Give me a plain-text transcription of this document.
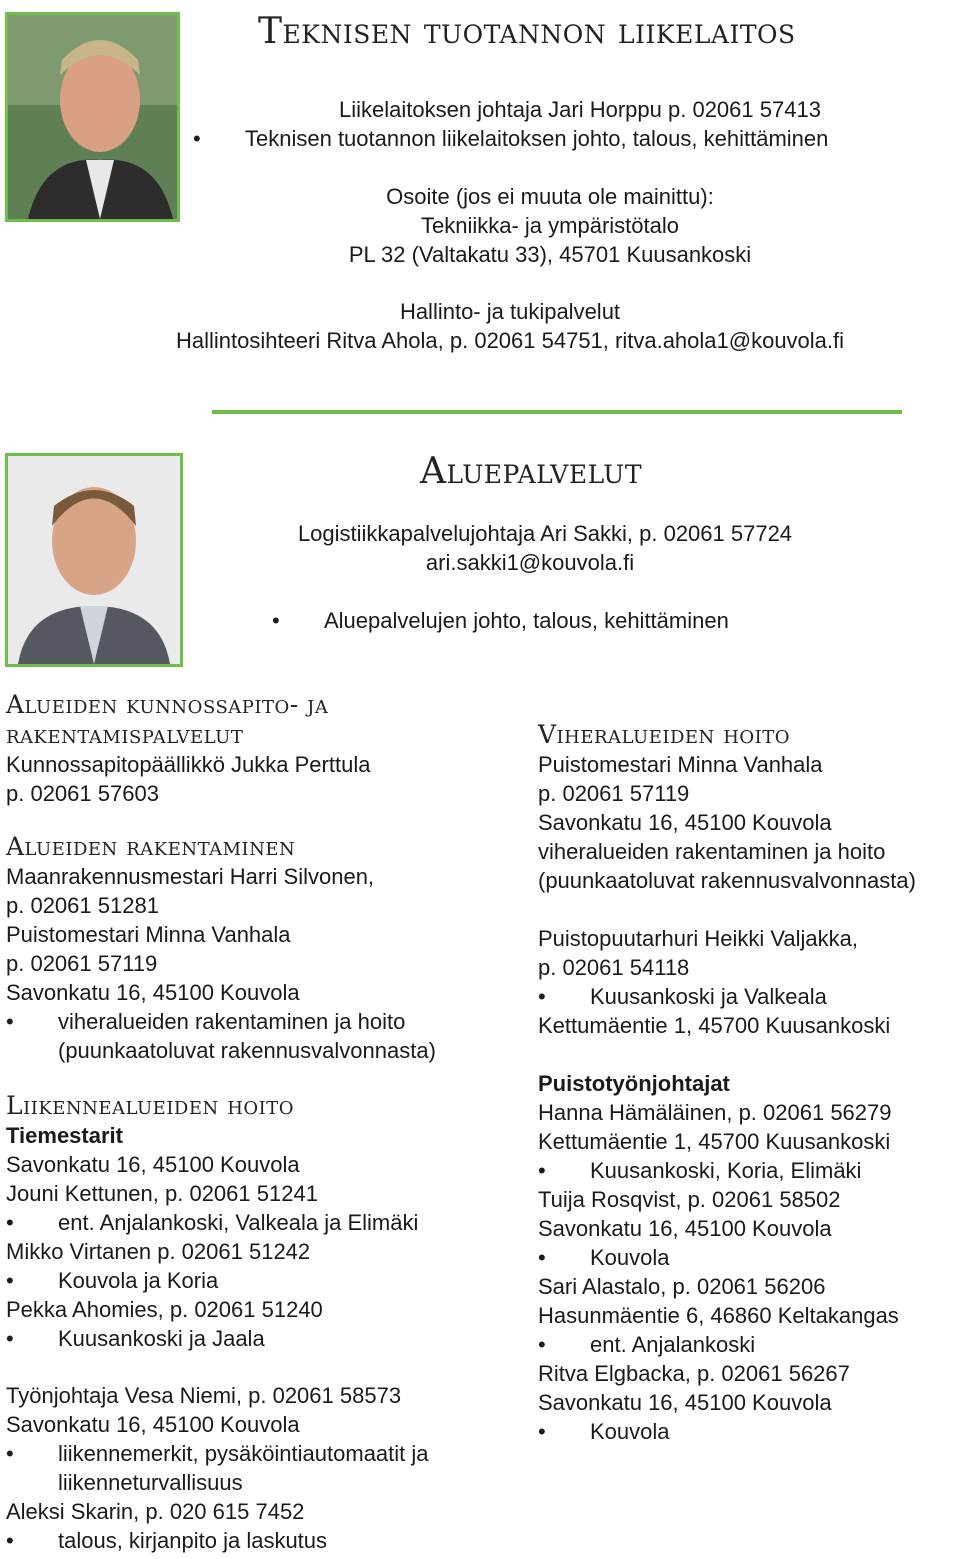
Teknisen tuotannon liikelaitos
Liikelaitoksen johtaja Jari Horppu p. 02061 57413
• Teknisen tuotannon liikelaitoksen johto, talous, kehittäminen
Osoite (jos ei muuta ole mainittu):
Tekniikka- ja ympäristötalo
PL 32 (Valtakatu 33), 45701 Kuusankoski
Hallinto- ja tukipalvelut
Hallintosihteeri Ritva Ahola, p. 02061 54751, ritva.ahola1@kouvola.fi
Aluepalvelut
Logistiikkapalvelujohtaja Ari Sakki, p. 02061 57724
ari.sakki1@kouvola.fi
• Aluepalvelujen johto, talous, kehittäminen
Alueiden kunnossapito- ja
rakentamispalvelut
Kunnossapitopäällikkö Jukka Perttula
p. 02061 57603
Alueiden rakentaminen
Maanrakennusmestari Harri Silvonen,
p. 02061 51281
Puistomestari Minna Vanhala
p. 02061 57119
Savonkatu 16, 45100 Kouvola
• viheralueiden rakentaminen ja hoito
(puunkaatoluvat rakennusvalvonnasta)
Liikennealueiden hoito
Tiemestarit
Savonkatu 16, 45100 Kouvola
Jouni Kettunen, p. 02061 51241
• ent. Anjalankoski, Valkeala ja Elimäki
Mikko Virtanen p. 02061 51242
• Kouvola ja Koria
Pekka Ahomies, p. 02061 51240
• Kuusankoski ja Jaala
Työnjohtaja Vesa Niemi, p. 02061 58573
Savonkatu 16, 45100 Kouvola
• liikennemerkit, pysäköintiautomaatit ja
liikenneturvallisuus
Aleksi Skarin, p. 020 615 7452
• talous, kirjanpito ja laskutus
Viheralueiden hoito
Puistomestari Minna Vanhala
p. 02061 57119
Savonkatu 16, 45100 Kouvola
viheralueiden rakentaminen ja hoito
(puunkaatoluvat rakennusvalvonnasta)
Puistopuutarhuri Heikki Valjakka,
p. 02061 54118
• Kuusankoski ja Valkeala
Kettumäentie 1, 45700 Kuusankoski
Puistotyönjohtajat
Hanna Hämäläinen, p. 02061 56279
Kettumäentie 1, 45700 Kuusankoski
• Kuusankoski, Koria, Elimäki
Tuija Rosqvist, p. 02061 58502
Savonkatu 16, 45100 Kouvola
• Kouvola
Sari Alastalo, p. 02061 56206
Hasunmäentie 6, 46860 Keltakangas
• ent. Anjalankoski
Ritva Elgbacka, p. 02061 56267
Savonkatu 16, 45100 Kouvola
• Kouvola
